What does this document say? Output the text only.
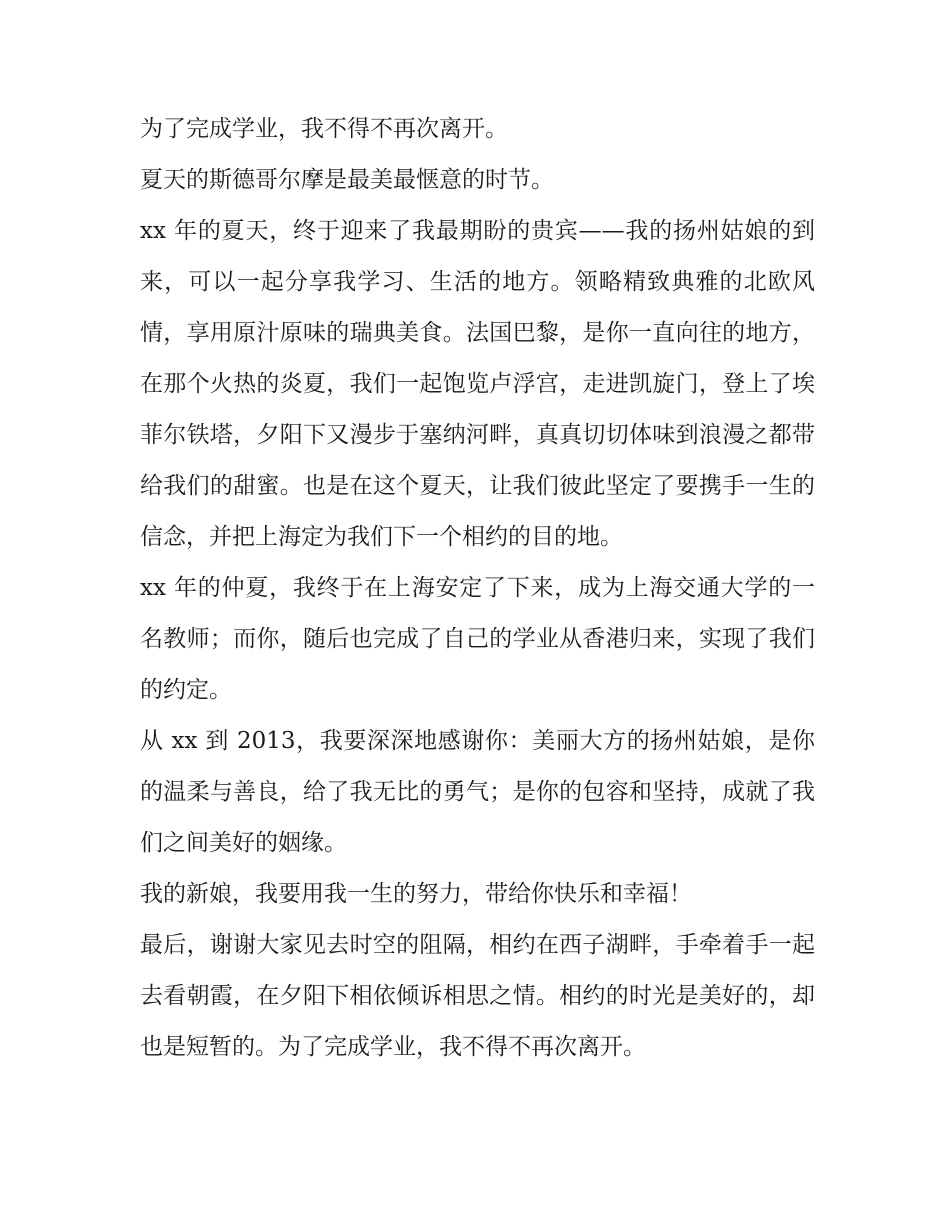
为了完成学业，我不得不再次离开。

夏天的斯德哥尔摩是最美最惬意的时节。

xx 年的夏天，终于迎来了我最期盼的贵宾——我的扬州姑娘的到来，可以一起分享我学习、生活的地方。领略精致典雅的北欧风情，享用原汁原味的瑞典美食。法国巴黎，是你一直向往的地方，在那个火热的炎夏，我们一起饱览卢浮宫，走进凯旋门，登上了埃菲尔铁塔，夕阳下又漫步于塞纳河畔，真真切切体味到浪漫之都带给我们的甜蜜。也是在这个夏天，让我们彼此坚定了要携手一生的信念，并把上海定为我们下一个相约的目的地。

xx 年的仲夏，我终于在上海安定了下来，成为上海交通大学的一名教师；而你，随后也完成了自己的学业从香港归来，实现了我们的约定。

从 xx 到 2013，我要深深地感谢你：美丽大方的扬州姑娘，是你的温柔与善良，给了我无比的勇气；是你的包容和坚持，成就了我们之间美好的姻缘。

我的新娘，我要用我一生的努力，带给你快乐和幸福！

最后，谢谢大家见去时空的阻隔，相约在西子湖畔，手牵着手一起去看朝霞，在夕阳下相依倾诉相思之情。相约的时光是美好的，却也是短暂的。为了完成学业，我不得不再次离开。
